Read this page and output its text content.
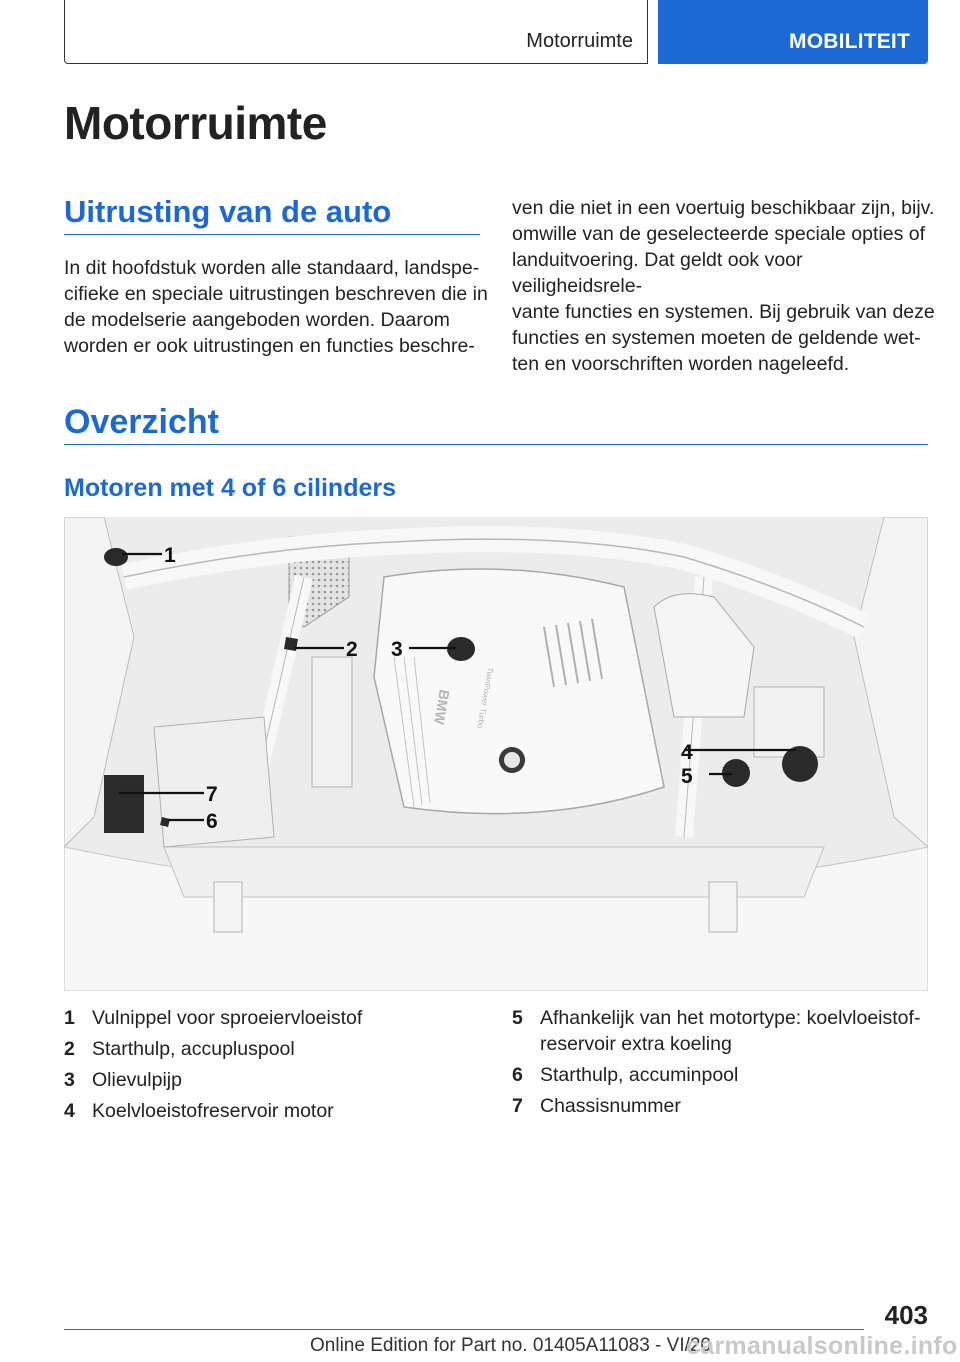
Motorruimte	MOBILITEIT
Motorruimte
Uitrusting van de auto
In dit hoofdstuk worden alle standaard, landspe-
cifieke en speciale uitrustingen beschreven die in
de modelserie aangeboden worden. Daarom
worden er ook uitrustingen en functies beschre-
ven die niet in een voertuig beschikbaar zijn, bijv.
omwille van de geselecteerde speciale opties of
landuitvoering. Dat geldt ook voor veiligheidsrele-
vante functies en systemen. Bij gebruik van deze
functies en systemen moeten de geldende wet-
ten en voorschriften worden nageleefd.
Overzicht
Motoren met 4 of 6 cilinders
1
2 3
4
5
6
7
BMW	TwinPower Turbo
1 Vulnippel voor sproeiervloeistof
2 Starthulp, accupluspool
3 Olievulpijp
4 Koelvloeistofreservoir motor
5 Afhankelijk van het motortype: koelvloeistof-
reservoir extra koeling
6 Starthulp, accuminpool
7 Chassisnummer
403
Online Edition for Part no. 01405A11083 - VI/20
carmanualsonline.info
